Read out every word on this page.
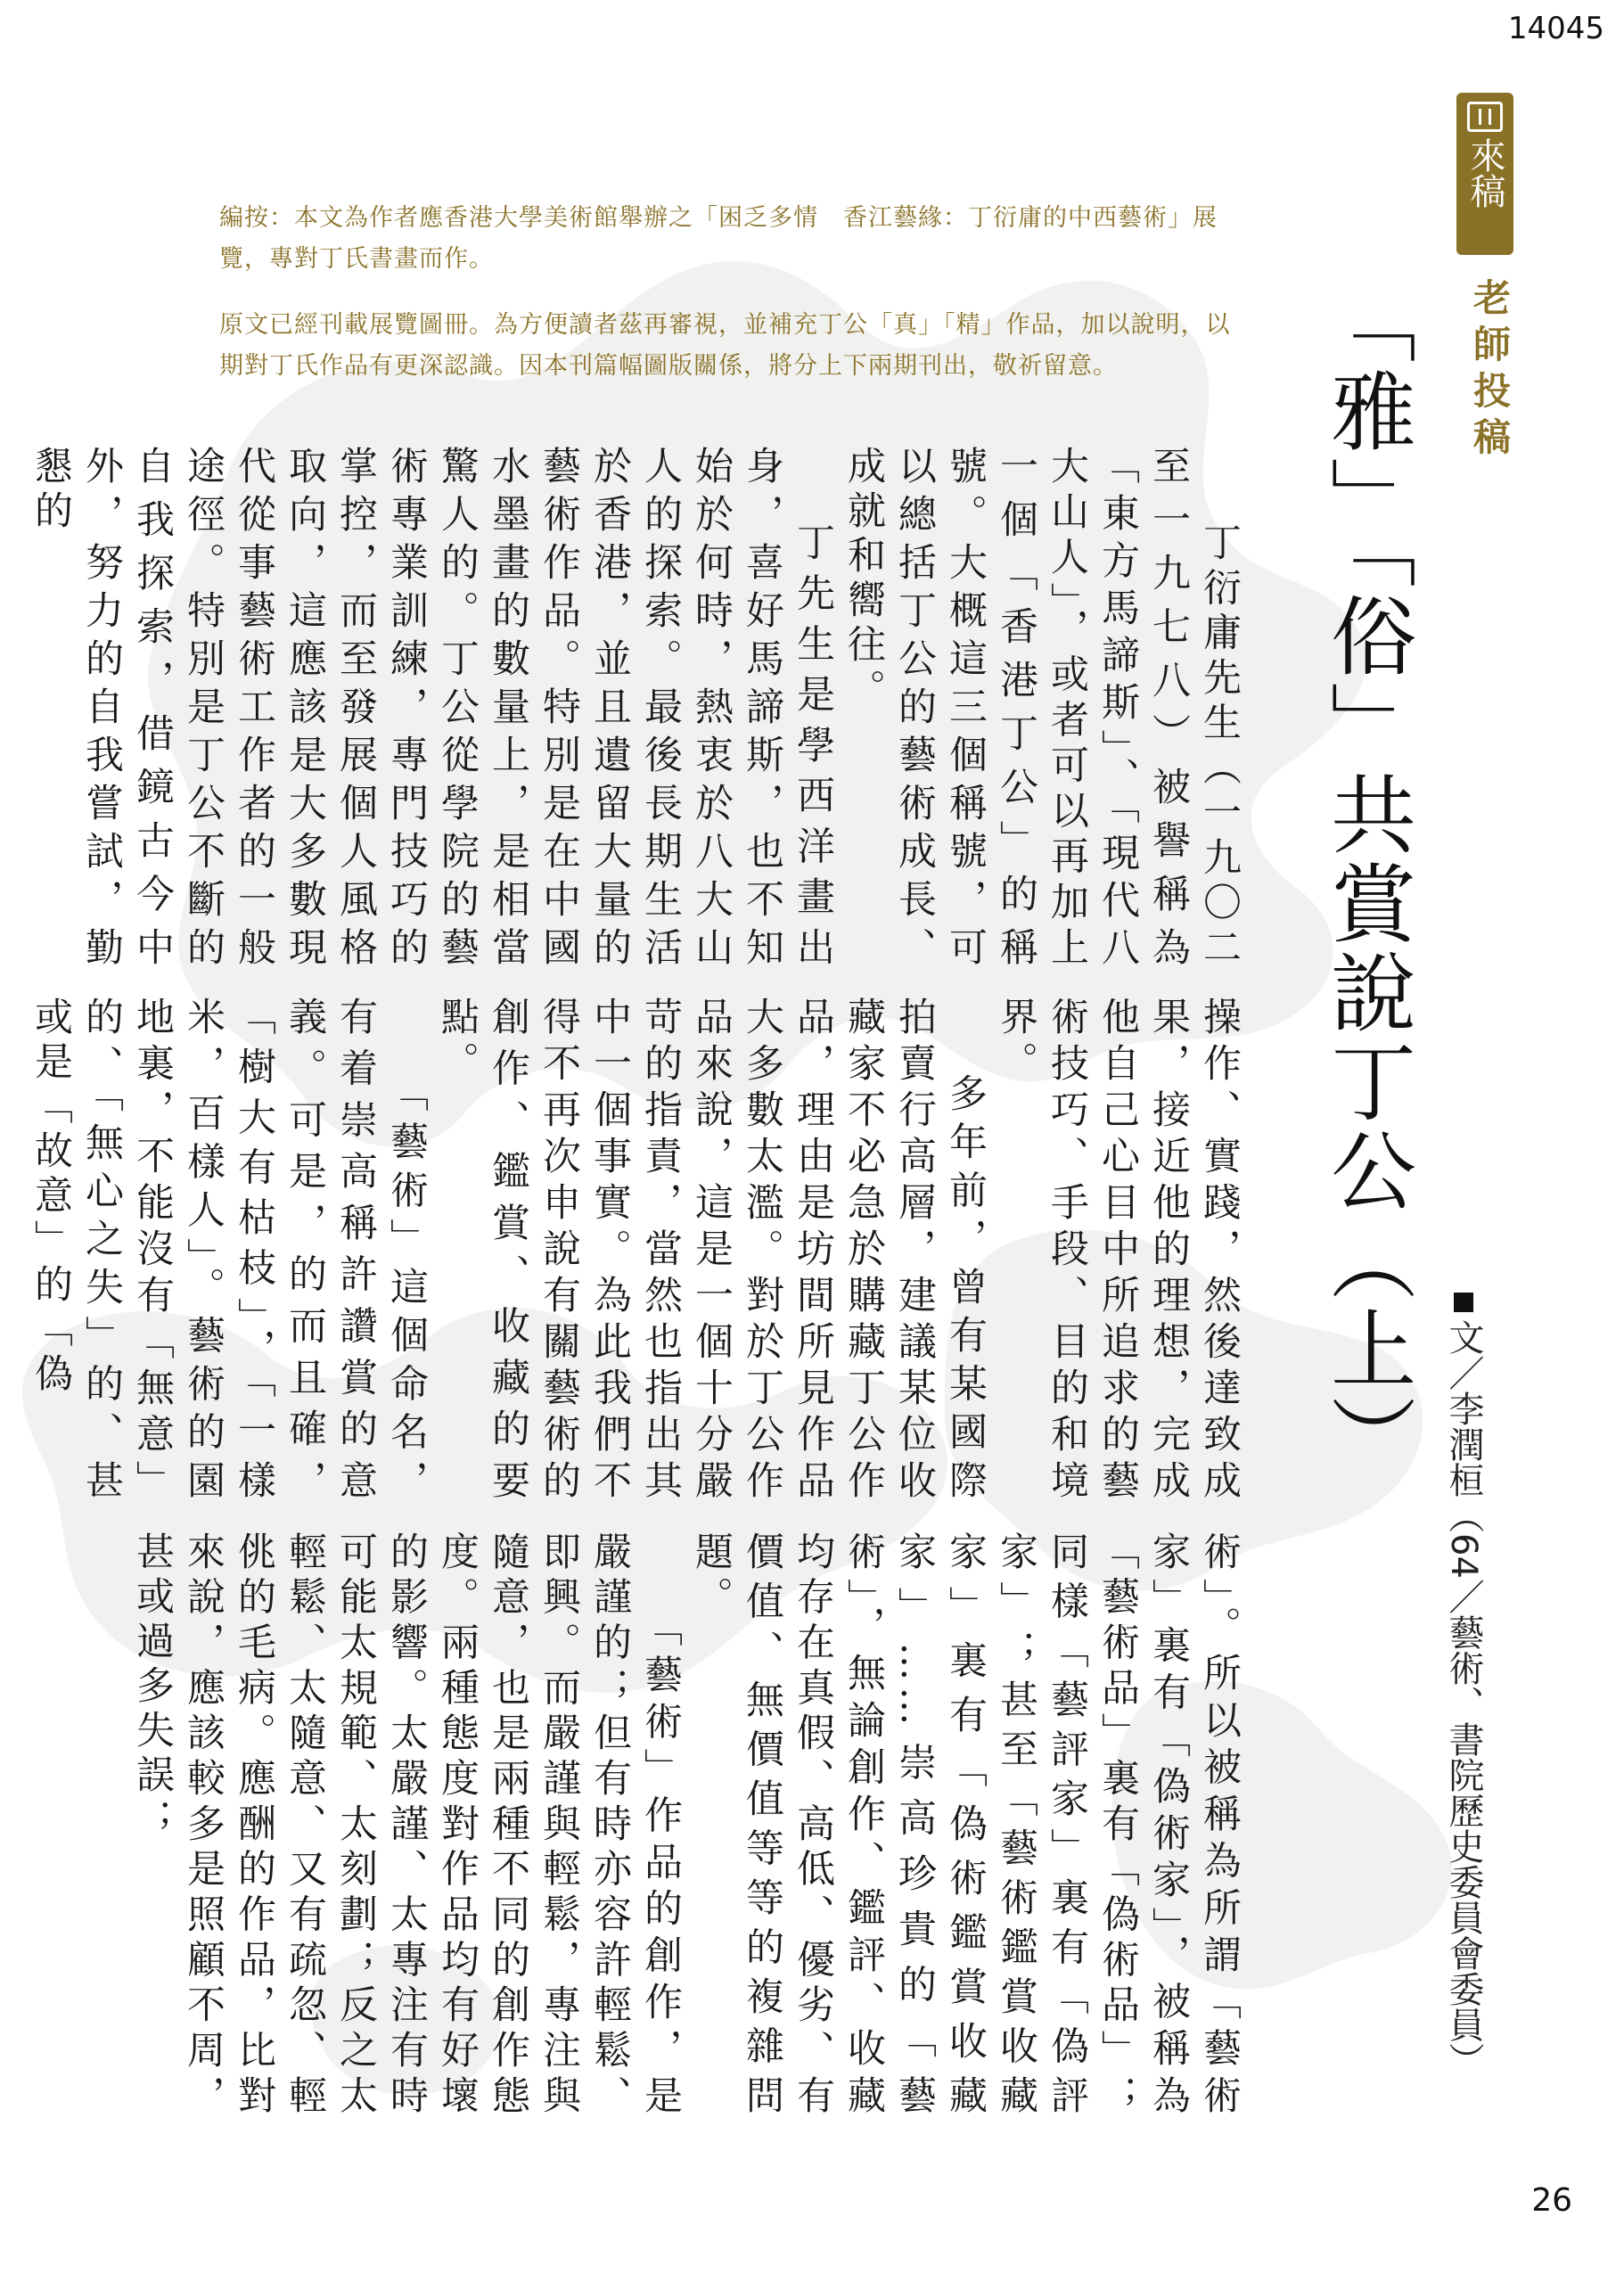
14045
來稿
老師投稿
「雅」「俗」共賞說丁公（上）
文／李潤桓（64／藝術、書院歷史委員會委員）

編按：本文為作者應香港大學美術館舉辦之「困乏多情　香江藝緣：丁衍庸的中西藝術」展覽，專對丁氏書畫而作。

原文已經刊載展覽圖冊。為方便讀者茲再審視，並補充丁公「真」「精」作品，加以說明，以期對丁氏作品有更深認識。因本刊篇幅圖版關係，將分上下兩期刊出，敬祈留意。

丁衍庸先生（一九〇二至一九七八）被譽稱為「東方馬諦斯」、「現代八大山人」，或者可以再加上一個「香港丁公」的稱號。大概這三個稱號，可以總括丁公的藝術成長、成就和嚮往。

丁先生是學西洋畫出身，喜好馬諦斯，也不知始於何時，熱衷於八大山人的探索。最後長期生活於香港，並且遺留大量的藝術作品。特別是在中國水墨畫的數量上，是相當驚人的。丁公從學院的藝術專業訓練，專門技巧的掌控，而至發展個人風格取向，這應該是大多數現代從事藝術工作者的一般途徑。特別是丁公不斷的自我探索，借鏡古今中外，努力的自我嘗試，勤懇的

操作、實踐，然後達致成果，接近他的理想，完成他自己心目中所追求的藝術技巧、手段、目的和境界。

多年前，曾有某國際拍賣行高層，建議某位收藏家不必急於購藏丁公作品，理由是坊間所見作品大多數太濫。對於丁公作品來說，這是一個十分嚴苛的指責，當然也指出其中一個事實。為此我們不得不再次申說有關藝術的創作、鑑賞、收藏的要點。

「藝術」這個命名，有着崇高稱許讚賞的意義。可是，的而且確，「樹大有枯枝」，「一樣米，百樣人」。藝術的園地裏，不能沒有「無意」的、「無心之失」的、甚或是「故意」的「偽

術」。所以被稱為所謂「藝術家」裏有「偽術家」，被稱為「藝術品」裏有「偽術品」；同樣「藝評家」裏有「偽評家」；甚至「藝術鑑賞收藏家」裏有「偽術鑑賞收藏家」……崇高珍貴的「藝術」，無論創作、鑑評、收藏均存在真假、高低、優劣、有價值、無價值等等的複雜問題。

「藝術」作品的創作，是嚴謹的；但有時亦容許輕鬆、即興。而嚴謹與輕鬆，專注與隨意，也是兩種不同的創作態度。兩種態度對作品均有好壞的影響。太嚴謹、太專注有時可能太規範、太刻劃；反之太輕鬆、太隨意、又有疏忽、輕佻的毛病。應酬的作品，比對來說，應該較多是照顧不周，甚或過多失誤；

26
